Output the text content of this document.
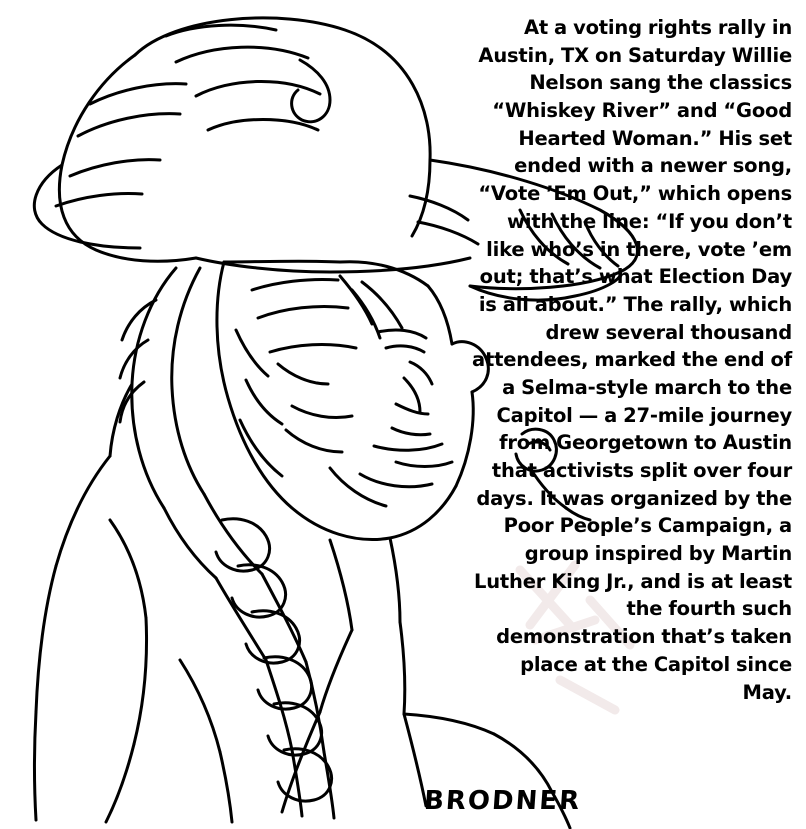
At a voting rights rally in Austin, TX on Saturday Willie Nelson sang the classics “Whiskey River” and “Good Hearted Woman.” His set ended with a newer song, “Vote ’Em Out,” which opens with the line: “If you don’t like who’s in there, vote ’em out; that’s what Election Day is all about.” The rally, which drew several thousand attendees, marked the end of a Selma-style march to the Capitol — a 27-mile journey from Georgetown to Austin that activists split over four days. It was organized by the Poor People’s Campaign, a group inspired by Martin Luther King Jr., and is at least the fourth such demonstration that’s taken place at the Capitol since May.
BRODNER
